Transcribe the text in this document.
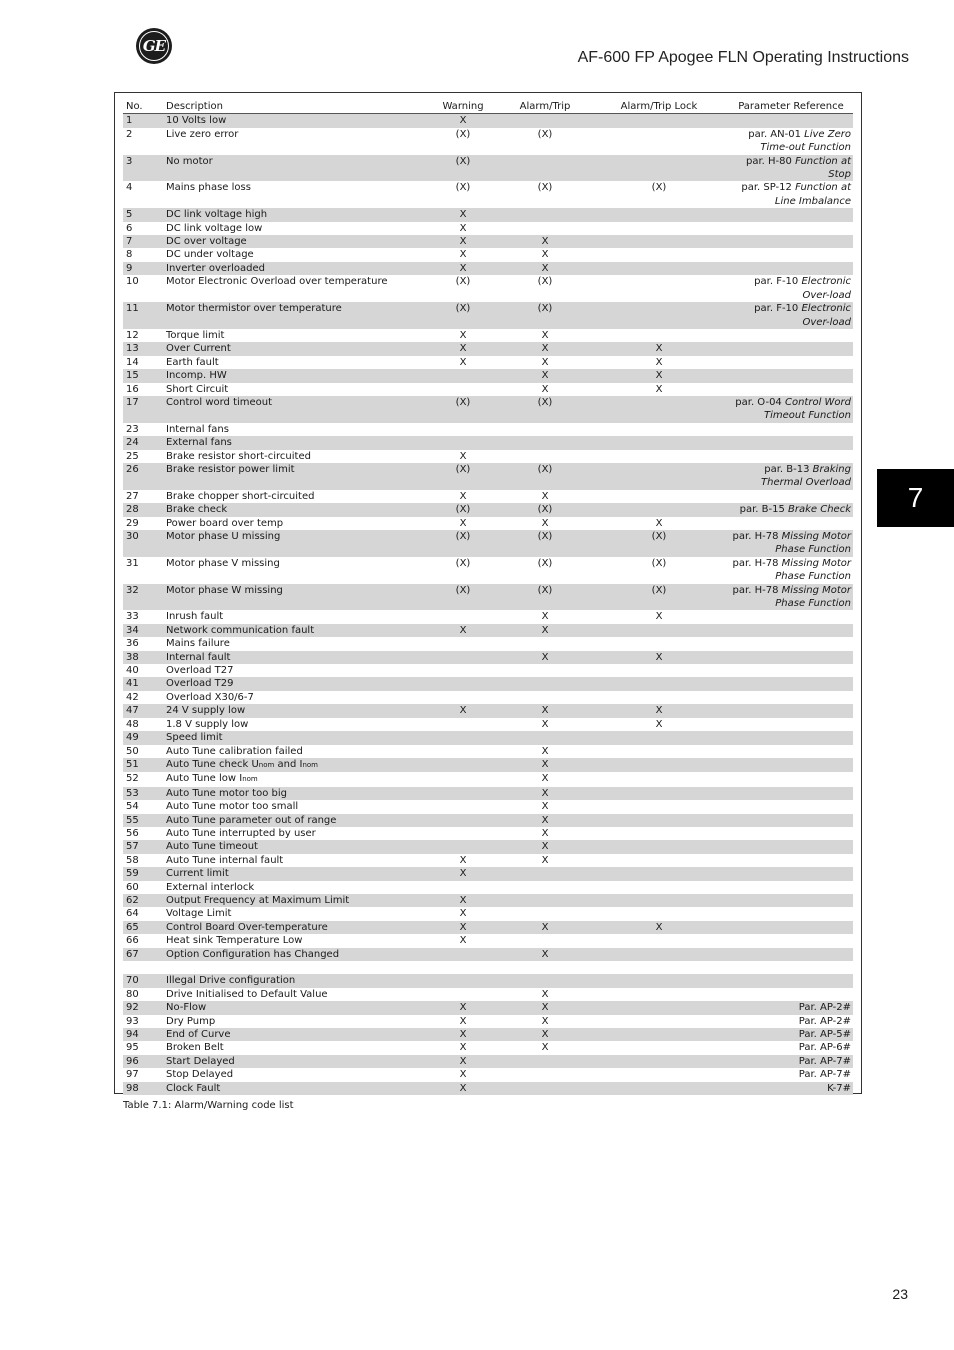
GE
AF-600 FP Apogee FLN Operating Instructions
7
No.	Description	Warning	Alarm/Trip	Alarm/Trip Lock	Parameter Reference
1	10 Volts low	X			
2	Live zero error	(X)	(X)		par. AN-01 Live Zero Time-out Function
3	No motor	(X)			par. H-80 Function at Stop
4	Mains phase loss	(X)	(X)	(X)	par. SP-12 Function at Line Imbalance
5	DC link voltage high	X			
6	DC link voltage low	X			
7	DC over voltage	X	X		
8	DC under voltage	X	X		
9	Inverter overloaded	X	X		
10	Motor Electronic Overload over temperature	(X)	(X)		par. F-10 Electronic Over-load
11	Motor thermistor over temperature	(X)	(X)		par. F-10 Electronic Over-load
12	Torque limit	X	X		
13	Over Current	X	X	X	
14	Earth fault	X	X	X	
15	Incomp. HW		X	X	
16	Short Circuit		X	X	
17	Control word timeout	(X)	(X)		par. O-04 Control Word Timeout Function
23	Internal fans				
24	External fans				
25	Brake resistor short-circuited	X			
26	Brake resistor power limit	(X)	(X)		par. B-13 Braking Thermal Overload
27	Brake chopper short-circuited	X	X		
28	Brake check	(X)	(X)		par. B-15 Brake Check
29	Power board over temp	X	X	X	
30	Motor phase U missing	(X)	(X)	(X)	par. H-78 Missing Motor Phase Function
31	Motor phase V missing	(X)	(X)	(X)	par. H-78 Missing Motor Phase Function
32	Motor phase W missing	(X)	(X)	(X)	par. H-78 Missing Motor Phase Function
33	Inrush fault		X	X	
34	Network communication fault	X	X		
36	Mains failure				
38	Internal fault		X	X	
40	Overload T27				
41	Overload T29				
42	Overload X30/6-7				
47	24 V supply low	X	X	X	
48	1.8 V supply low		X	X	
49	Speed limit				
50	Auto Tune calibration failed		X		
51	Auto Tune check Unom and Inom		X		
52	Auto Tune low Inom		X		
53	Auto Tune motor too big		X		
54	Auto Tune motor too small		X		
55	Auto Tune parameter out of range		X		
56	Auto Tune interrupted by user		X		
57	Auto Tune timeout		X		
58	Auto Tune internal fault	X	X		
59	Current limit	X			
60	External interlock				
62	Output Frequency at Maximum Limit	X			
64	Voltage Limit	X			
65	Control Board Over-temperature	X	X	X	
66	Heat sink Temperature Low	X			
67	Option Configuration has Changed		X		

70	Illegal Drive configuration				
80	Drive Initialised to Default Value		X		
92	No-Flow	X	X		Par. AP-2#
93	Dry Pump	X	X		Par. AP-2#
94	End of Curve	X	X		Par. AP-5#
95	Broken Belt	X	X		Par. AP-6#
96	Start Delayed	X			Par. AP-7#
97	Stop Delayed	X			Par. AP-7#
98	Clock Fault	X			K-7#
Table 7.1: Alarm/Warning code list
23
